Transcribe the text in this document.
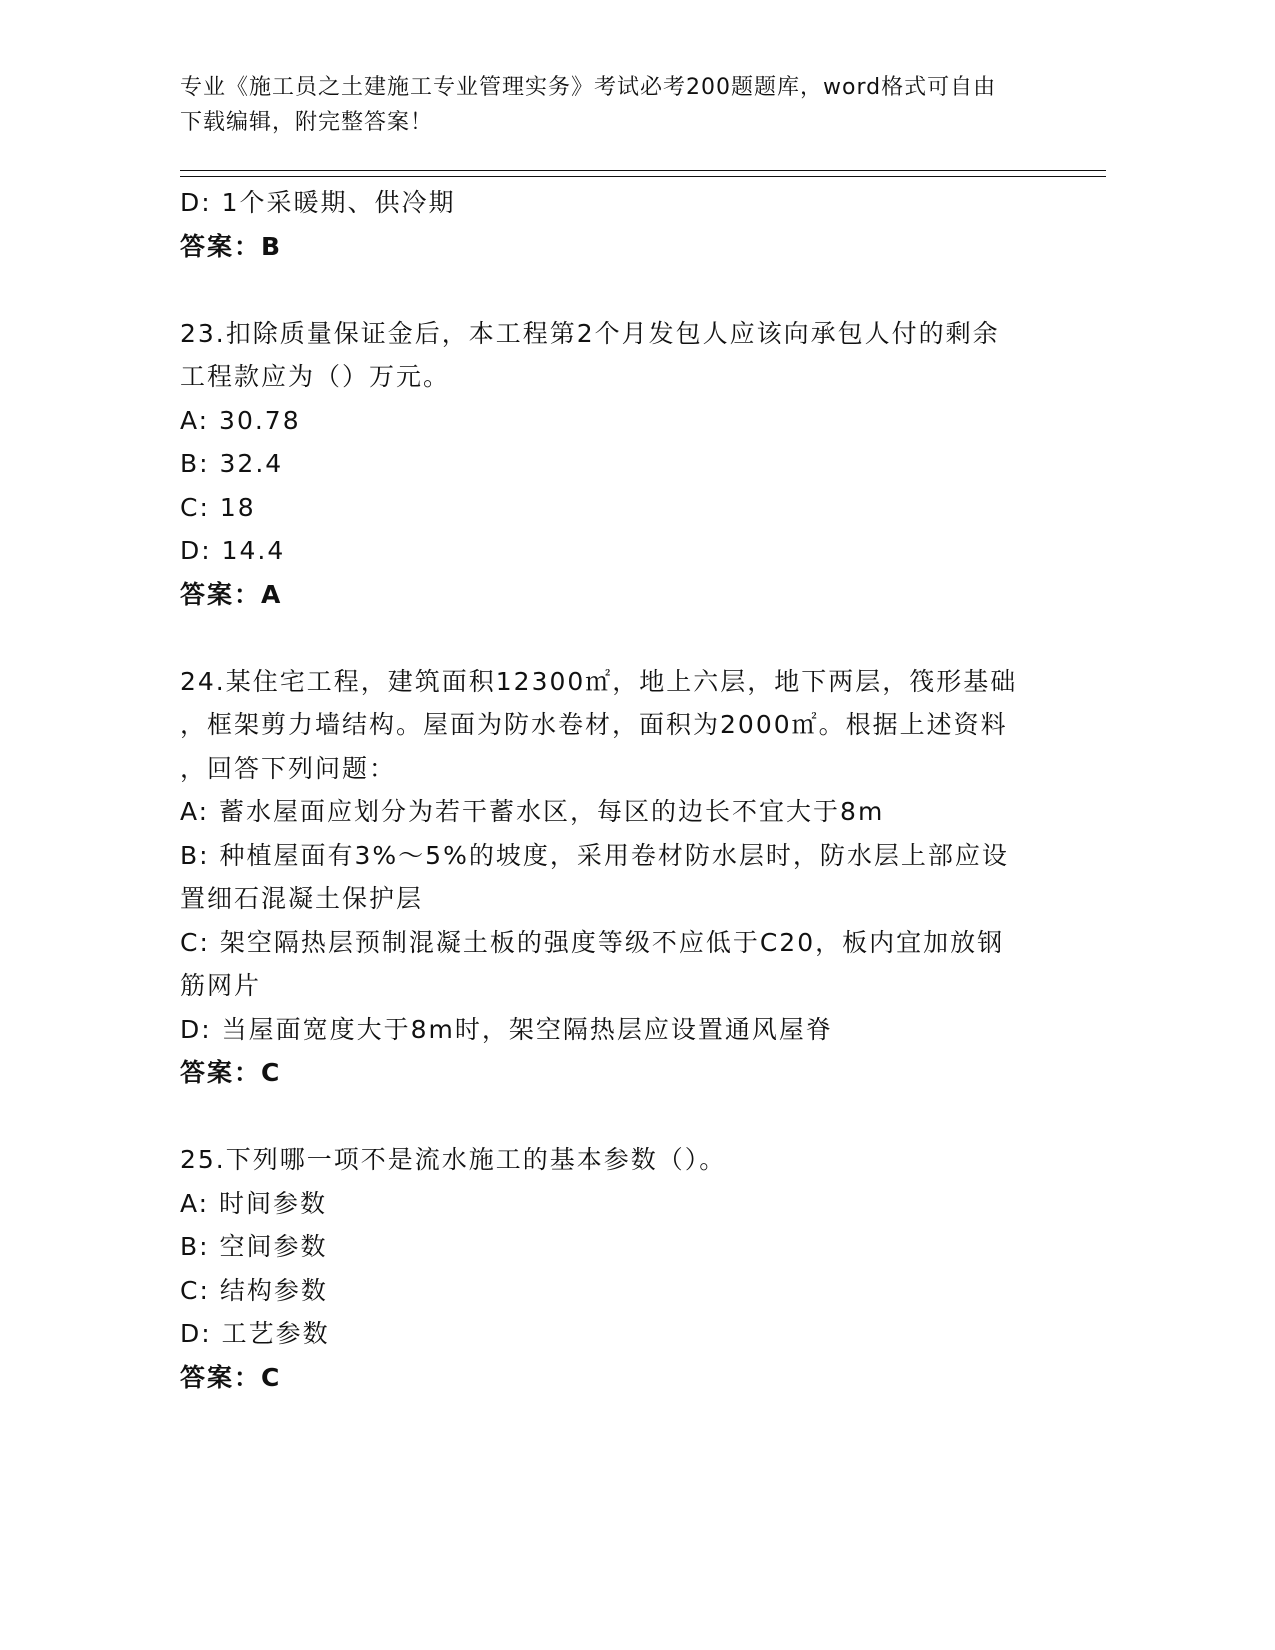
专业《施工员之土建施工专业管理实务》考试必考200题题库，word格式可自由
下载编辑，附完整答案！
D: 1个采暖期、供冷期
答案：B
23.扣除质量保证金后，本工程第2个月发包人应该向承包人付的剩余
工程款应为（）万元。
A: 30.78
B: 32.4
C: 18
D: 14.4
答案：A
24.某住宅工程，建筑面积12300㎡，地上六层，地下两层，筏形基础
，框架剪力墙结构。屋面为防水卷材，面积为2000㎡。根据上述资料
，回答下列问题：
A: 蓄水屋面应划分为若干蓄水区，每区的边长不宜大于8m
B: 种植屋面有3%～5%的坡度，采用卷材防水层时，防水层上部应设
置细石混凝土保护层
C: 架空隔热层预制混凝土板的强度等级不应低于C20，板内宜加放钢
筋网片
D: 当屋面宽度大于8m时，架空隔热层应设置通风屋脊
答案：C
25.下列哪一项不是流水施工的基本参数（）。
A: 时间参数
B: 空间参数
C: 结构参数
D: 工艺参数
答案：C
